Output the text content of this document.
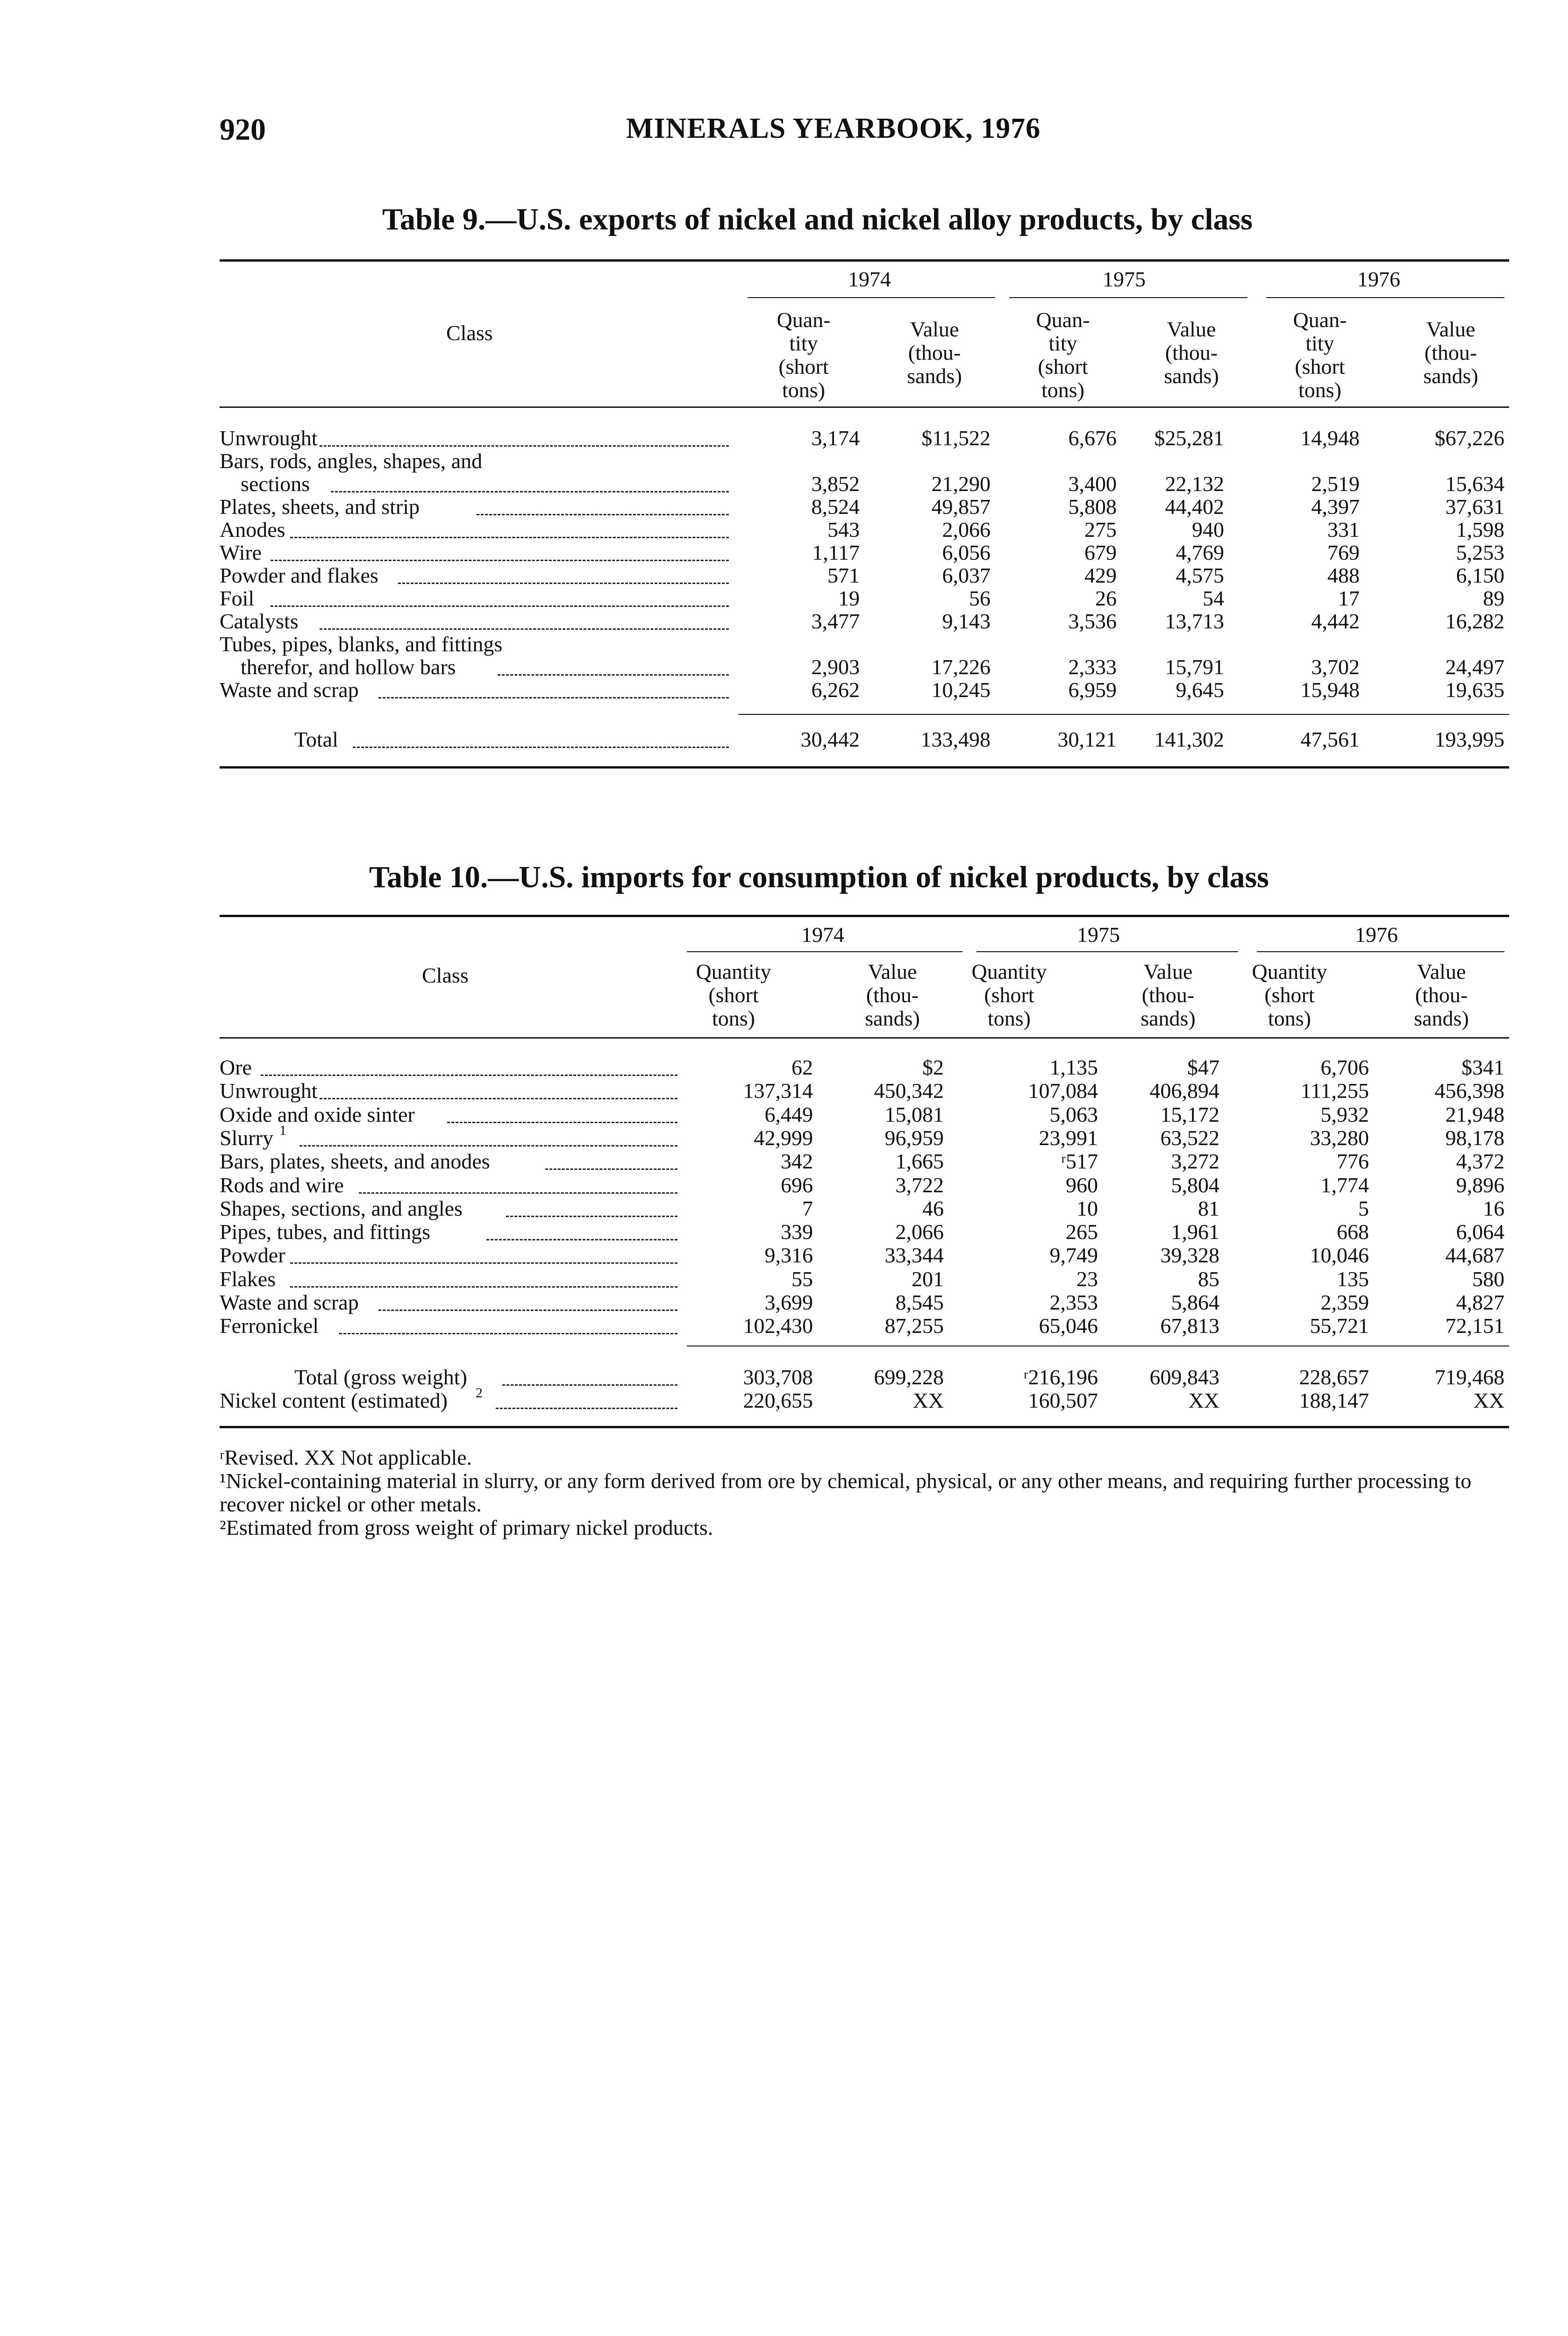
920	MINERALS YEARBOOK, 1976
Table 9.—U.S. exports of nickel and nickel alloy products, by class
Class
1974	1975	1976
Quan-
tity
(short
tons)
Value
(thou-
sands)
Quan-
tity
(short
tons)
Value
(thou-
sands)
Quan-
tity
(short
tons)
Value
(thou-
sands)
Unwrought	3,174	$11,522	6,676	$25,281	14,948	$67,226
Bars, rods, angles, shapes, and
sections	3,852	21,290	3,400	22,132	2,519	15,634
Plates, sheets, and strip	8,524	49,857	5,808	44,402	4,397	37,631
Anodes	543	2,066	275	940	331	1,598
Wire	1,117	6,056	679	4,769	769	5,253
Powder and flakes	571	6,037	429	4,575	488	6,150
Foil	19	56	26	54	17	89
Catalysts	3,477	9,143	3,536	13,713	4,442	16,282
Tubes, pipes, blanks, and fittings
therefor, and hollow bars	2,903	17,226	2,333	15,791	3,702	24,497
Waste and scrap	6,262	10,245	6,959	9,645	15,948	19,635
Total	30,442	133,498	30,121	141,302	47,561	193,995
Table 10.—U.S. imports for consumption of nickel products, by class
Class
1974	1975	1976
Quantity
(short
tons)
Value
(thou-
sands)
Quantity
(short
tons)
Value
(thou-
sands)
Quantity
(short
tons)
Value
(thou-
sands)
Ore	62	$2	1,135	$47	6,706	$341
Unwrought	137,314	450,342	107,084	406,894	111,255	456,398
Oxide and oxide sinter	6,449	15,081	5,063	15,172	5,932	21,948
Slurry 1	42,999	96,959	23,991	63,522	33,280	98,178
Bars, plates, sheets, and anodes	342	1,665	ʳ517	3,272	776	4,372
Rods and wire	696	3,722	960	5,804	1,774	9,896
Shapes, sections, and angles	7	46	10	81	5	16
Pipes, tubes, and fittings	339	2,066	265	1,961	668	6,064
Powder	9,316	33,344	9,749	39,328	10,046	44,687
Flakes	55	201	23	85	135	580
Waste and scrap	3,699	8,545	2,353	5,864	2,359	4,827
Ferronickel	102,430	87,255	65,046	67,813	55,721	72,151
Total (gross weight)	303,708	699,228	ʳ216,196	609,843	228,657	719,468
Nickel content (estimated) 2	220,655	XX	160,507	XX	188,147	XX
ʳRevised. XX Not applicable.
¹Nickel-containing material in slurry, or any form derived from ore by chemical, physical, or any other means, and requiring further processing to recover nickel or other metals.
²Estimated from gross weight of primary nickel products.
